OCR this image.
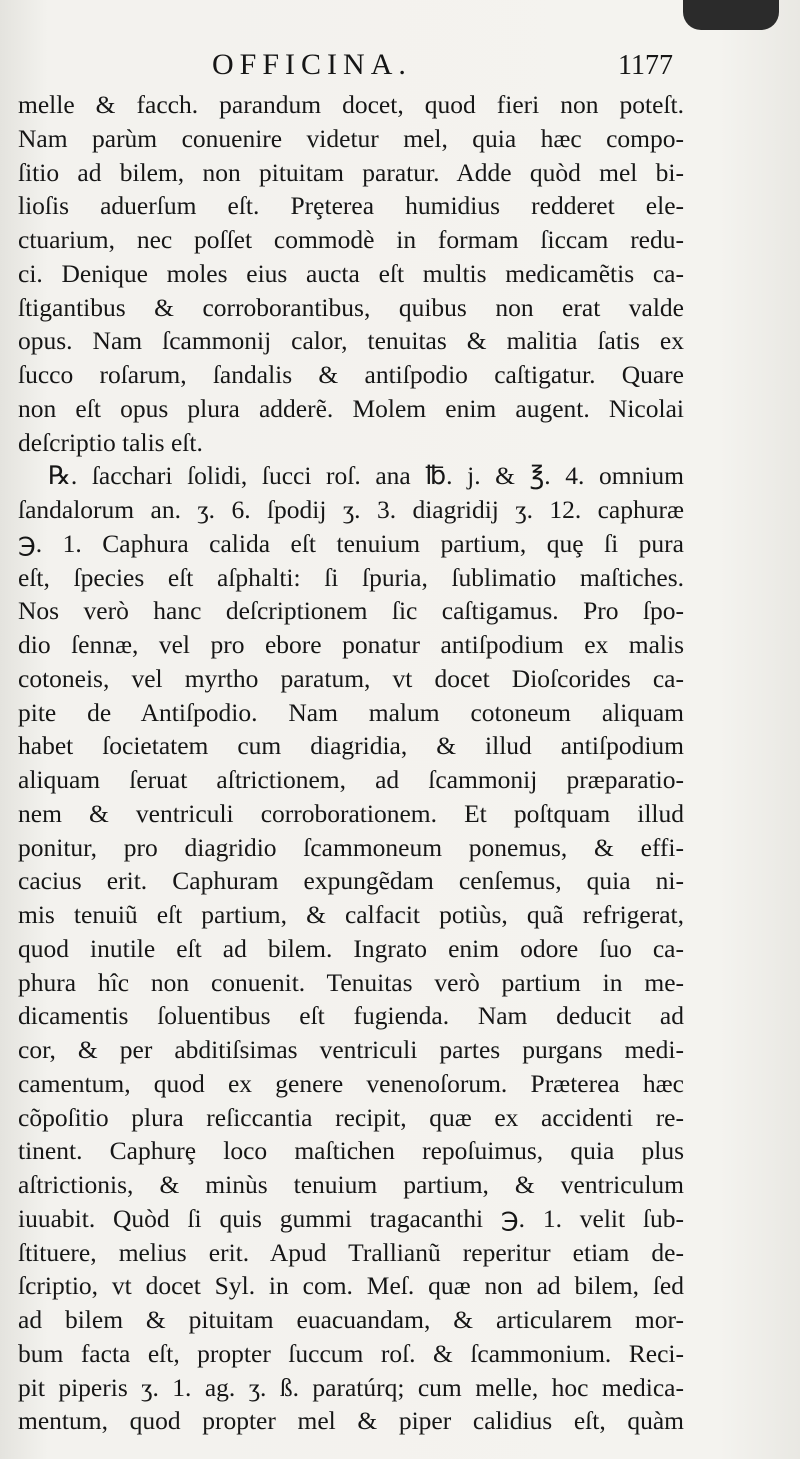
OFFICINA.	1177
melle & facch. parandum docet, quod fieri non poteſt.
Nam parùm conuenire videtur mel, quia hæc compo-
ſitio ad bilem, non pituitam paratur. Adde quòd mel bi-
lioſis aduerſum eſt. Prȩterea humidius redderet ele-
ctuarium, nec poſſet commodè in formam ſiccam redu-
ci. Denique moles eius aucta eſt multis medicamẽtis ca-
ſtigantibus & corroborantibus, quibus non erat valde
opus. Nam ſcammonij calor, tenuitas & malitia ſatis ex
ſucco roſarum, ſandalis & antiſpodio caſtigatur. Quare
non eſt opus plura adderẽ. Molem enim augent. Nicolai
deſcriptio talis eſt.
℞. ſacchari ſolidi, ſucci roſ. ana ℔. j. & ℥. 4. omnium
ſandalorum an. ʒ. 6. ſpodij ʒ. 3. diagridij ʒ. 12. caphuræ
℈. 1. Caphura calida eſt tenuium partium, quȩ ſi pura
eſt, ſpecies eſt aſphalti: ſi ſpuria, ſublimatio maſtiches.
Nos verò hanc deſcriptionem ſic caſtigamus. Pro ſpo-
dio ſennæ, vel pro ebore ponatur antiſpodium ex malis
cotoneis, vel myrtho paratum, vt docet Dioſcorides ca-
pite de Antiſpodio. Nam malum cotoneum aliquam
habet ſocietatem cum diagridia, & illud antiſpodium
aliquam ſeruat aſtrictionem, ad ſcammonij præparatio-
nem & ventriculi corroborationem. Et poſtquam illud
ponitur, pro diagridio ſcammoneum ponemus, & effi-
cacius erit. Caphuram expungẽdam cenſemus, quia ni-
mis tenuiũ eſt partium, & calfacit potiùs, quã refrigerat,
quod inutile eſt ad bilem. Ingrato enim odore ſuo ca-
phura hîc non conuenit. Tenuitas verò partium in me-
dicamentis ſoluentibus eſt fugienda. Nam deducit ad
cor, & per abditiſsimas ventriculi partes purgans medi-
camentum, quod ex genere venenoſorum. Præterea hæc
cõpoſitio plura reſiccantia recipit, quæ ex accidenti re-
tinent. Caphurȩ loco maſtichen repoſuimus, quia plus
aſtrictionis, & minùs tenuium partium, & ventriculum
iuuabit. Quòd ſi quis gummi tragacanthi ℈. 1. velit ſub-
ſtituere, melius erit. Apud Trallianũ reperitur etiam de-
ſcriptio, vt docet Syl. in com. Meſ. quæ non ad bilem, ſed
ad bilem & pituitam euacuandam, & articularem mor-
bum facta eſt, propter ſuccum roſ. & ſcammonium. Reci-
pit piperis ʒ. 1. ag. ʒ. ß. paratúrq; cum melle, hoc medica-
mentum, quod propter mel & piper calidius eſt, quàm
